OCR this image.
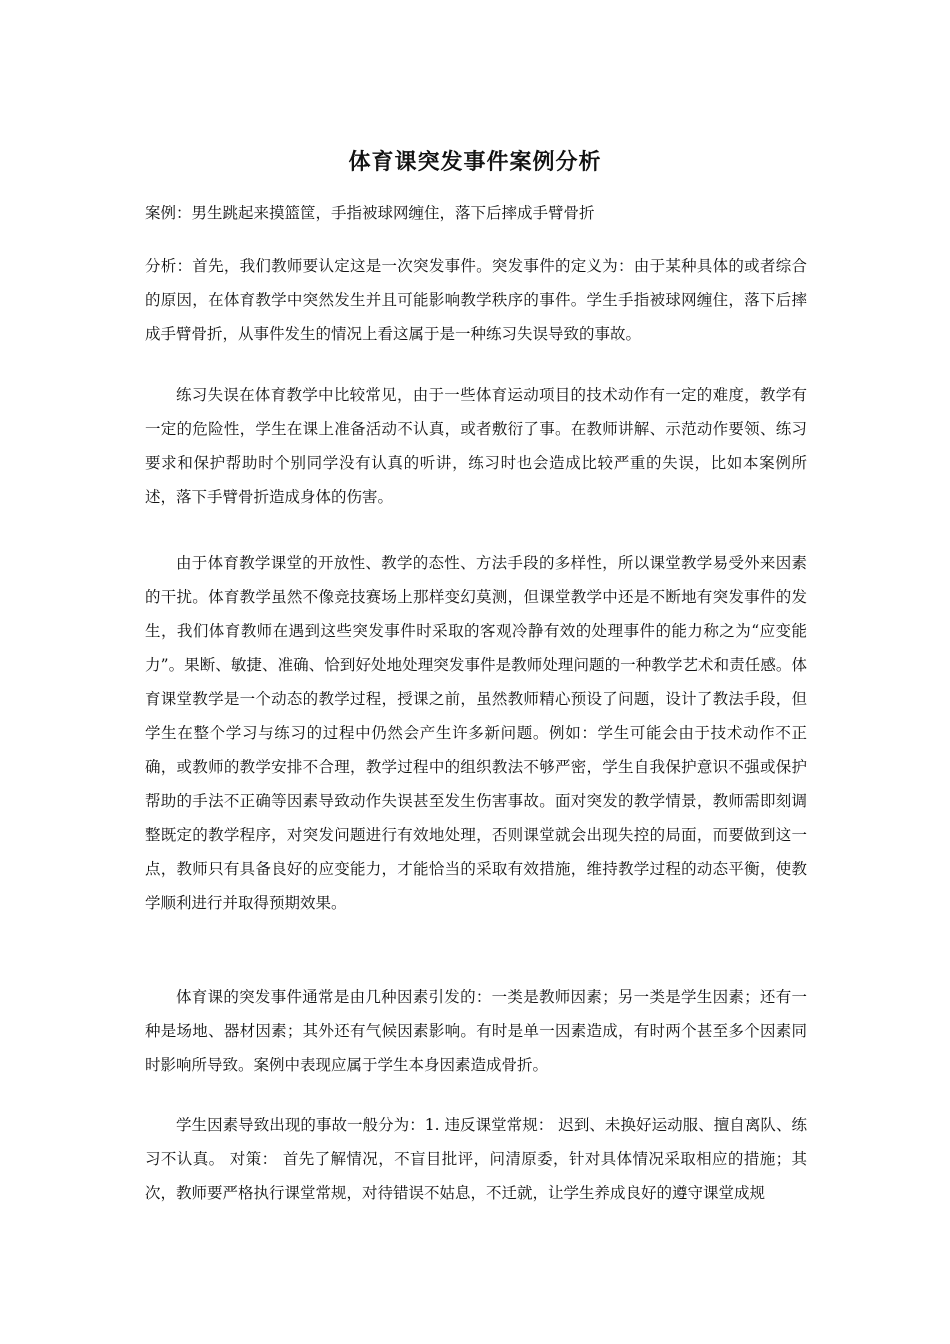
体育课突发事件案例分析
案例：男生跳起来摸篮筐，手指被球网缠住，落下后摔成手臂骨折
分析：首先，我们教师要认定这是一次突发事件。突发事件的定义为：由于某种具体的或者综合的原因，在体育教学中突然发生并且可能影响教学秩序的事件。学生手指被球网缠住，落下后摔成手臂骨折，从事件发生的情况上看这属于是一种练习失误导致的事故。
练习失误在体育教学中比较常见，由于一些体育运动项目的技术动作有一定的难度，教学有一定的危险性，学生在课上准备活动不认真，或者敷衍了事。在教师讲解、示范动作要领、练习要求和保护帮助时个别同学没有认真的听讲，练习时也会造成比较严重的失误，比如本案例所述，落下手臂骨折造成身体的伤害。
由于体育教学课堂的开放性、教学的态性、方法手段的多样性，所以课堂教学易受外来因素的干扰。体育教学虽然不像竞技赛场上那样变幻莫测，但课堂教学中还是不断地有突发事件的发生，我们体育教师在遇到这些突发事件时采取的客观冷静有效的处理事件的能力称之为“应变能力”。果断、敏捷、准确、恰到好处地处理突发事件是教师处理问题的一种教学艺术和责任感。体育课堂教学是一个动态的教学过程，授课之前，虽然教师精心预设了问题，设计了教法手段，但学生在整个学习与练习的过程中仍然会产生许多新问题。例如：学生可能会由于技术动作不正确，或教师的教学安排不合理，教学过程中的组织教法不够严密，学生自我保护意识不强或保护帮助的手法不正确等因素导致动作失误甚至发生伤害事故。面对突发的教学情景，教师需即刻调整既定的教学程序，对突发问题进行有效地处理，否则课堂就会出现失控的局面，而要做到这一点，教师只有具备良好的应变能力，才能恰当的采取有效措施，维持教学过程的动态平衡，使教学顺利进行并取得预期效果。
体育课的突发事件通常是由几种因素引发的：一类是教师因素；另一类是学生因素；还有一种是场地、器材因素；其外还有气候因素影响。有时是单一因素造成，有时两个甚至多个因素同时影响所导致。案例中表现应属于学生本身因素造成骨折。
学生因素导致出现的事故一般分为：1. 违反课堂常规： 迟到、未换好运动服、擅自离队、练习不认真。 对策： 首先了解情况，不盲目批评，问清原委，针对具体情况采取相应的措施；其次，教师要严格执行课堂常规，对待错误不姑息，不迁就，让学生养成良好的遵守课堂成规
